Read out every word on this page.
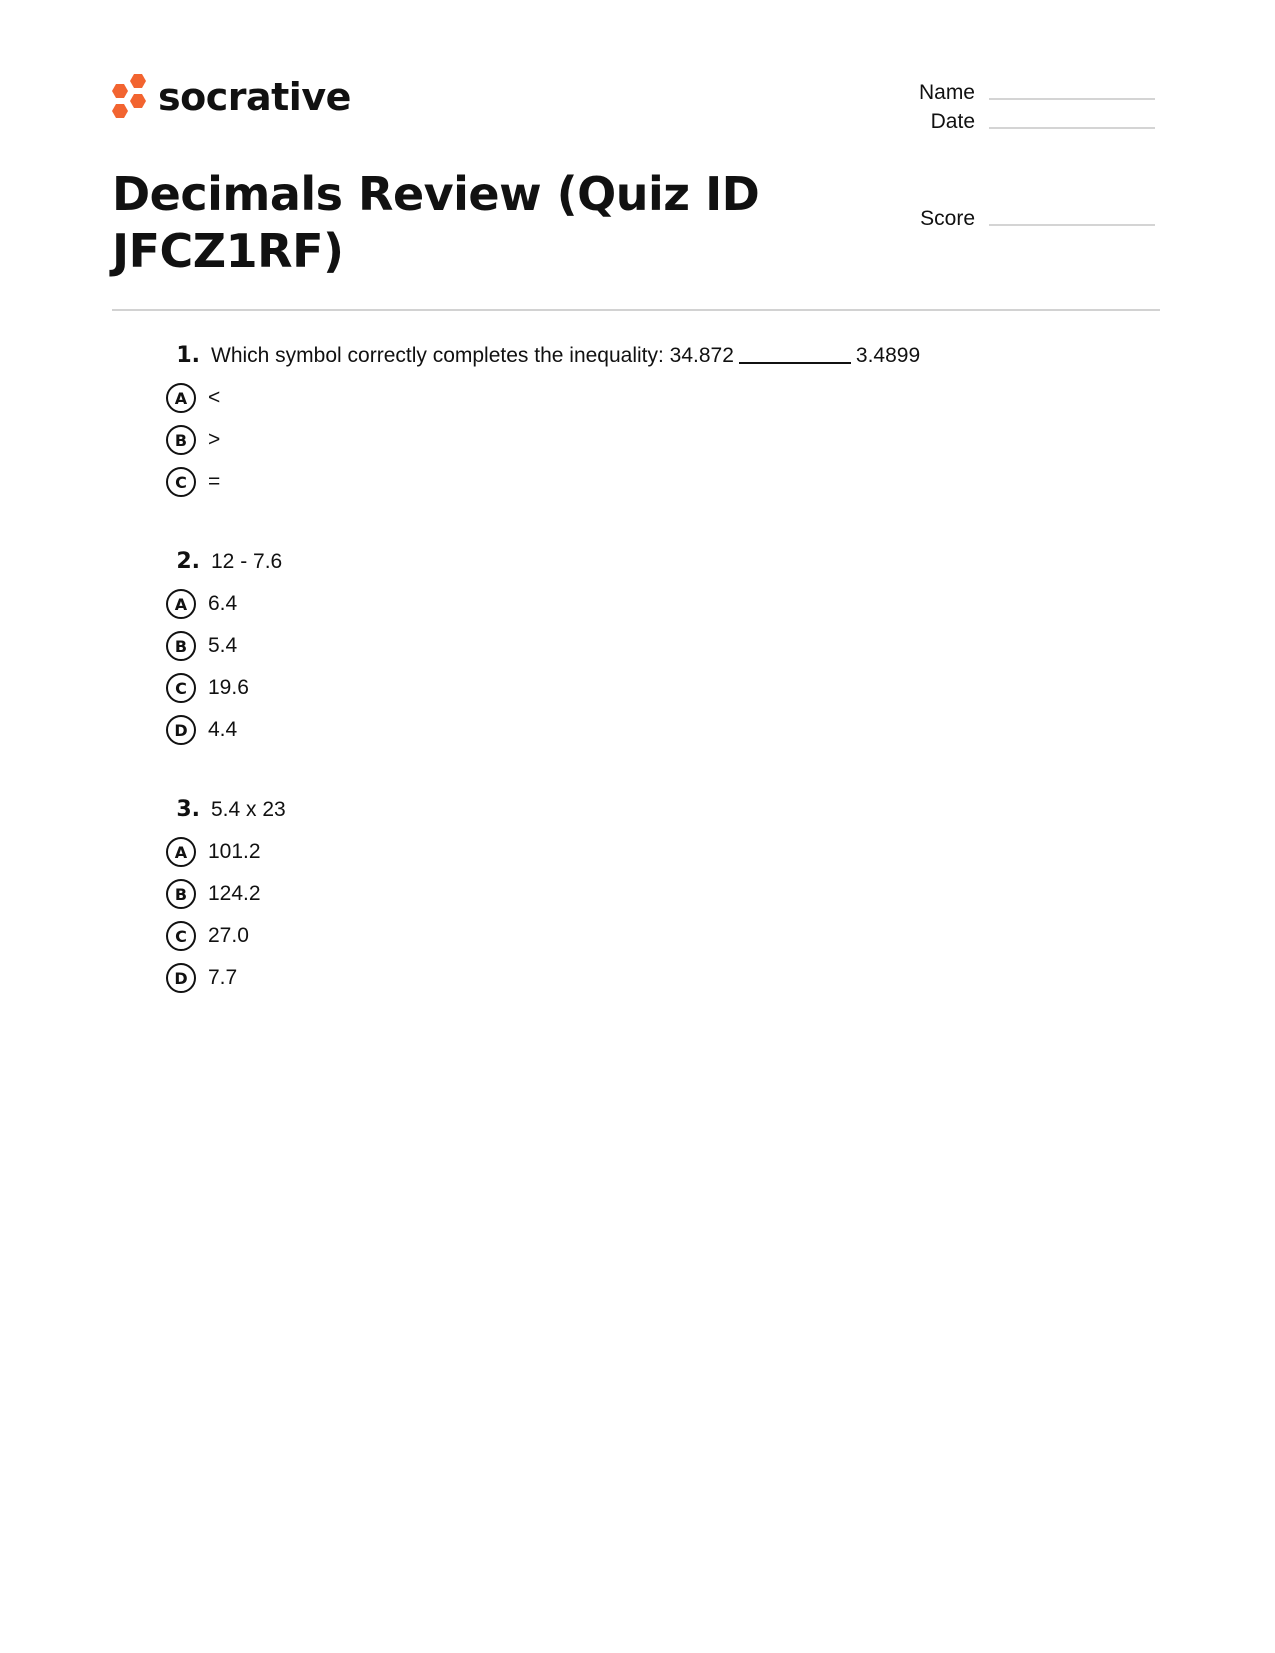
socrative	Name
Date
Score
Decimals Review (Quiz ID JFCZ1RF)
1. Which symbol correctly completes the inequality: 34.872	3.4899
A <
B >
C	=
2. 12 - 7.6
A 6.4
B 5.4
C	19.6
D 4.4
3. 5.4 x 23
A 101.2
B 124.2
C	27.0
D 7.7
